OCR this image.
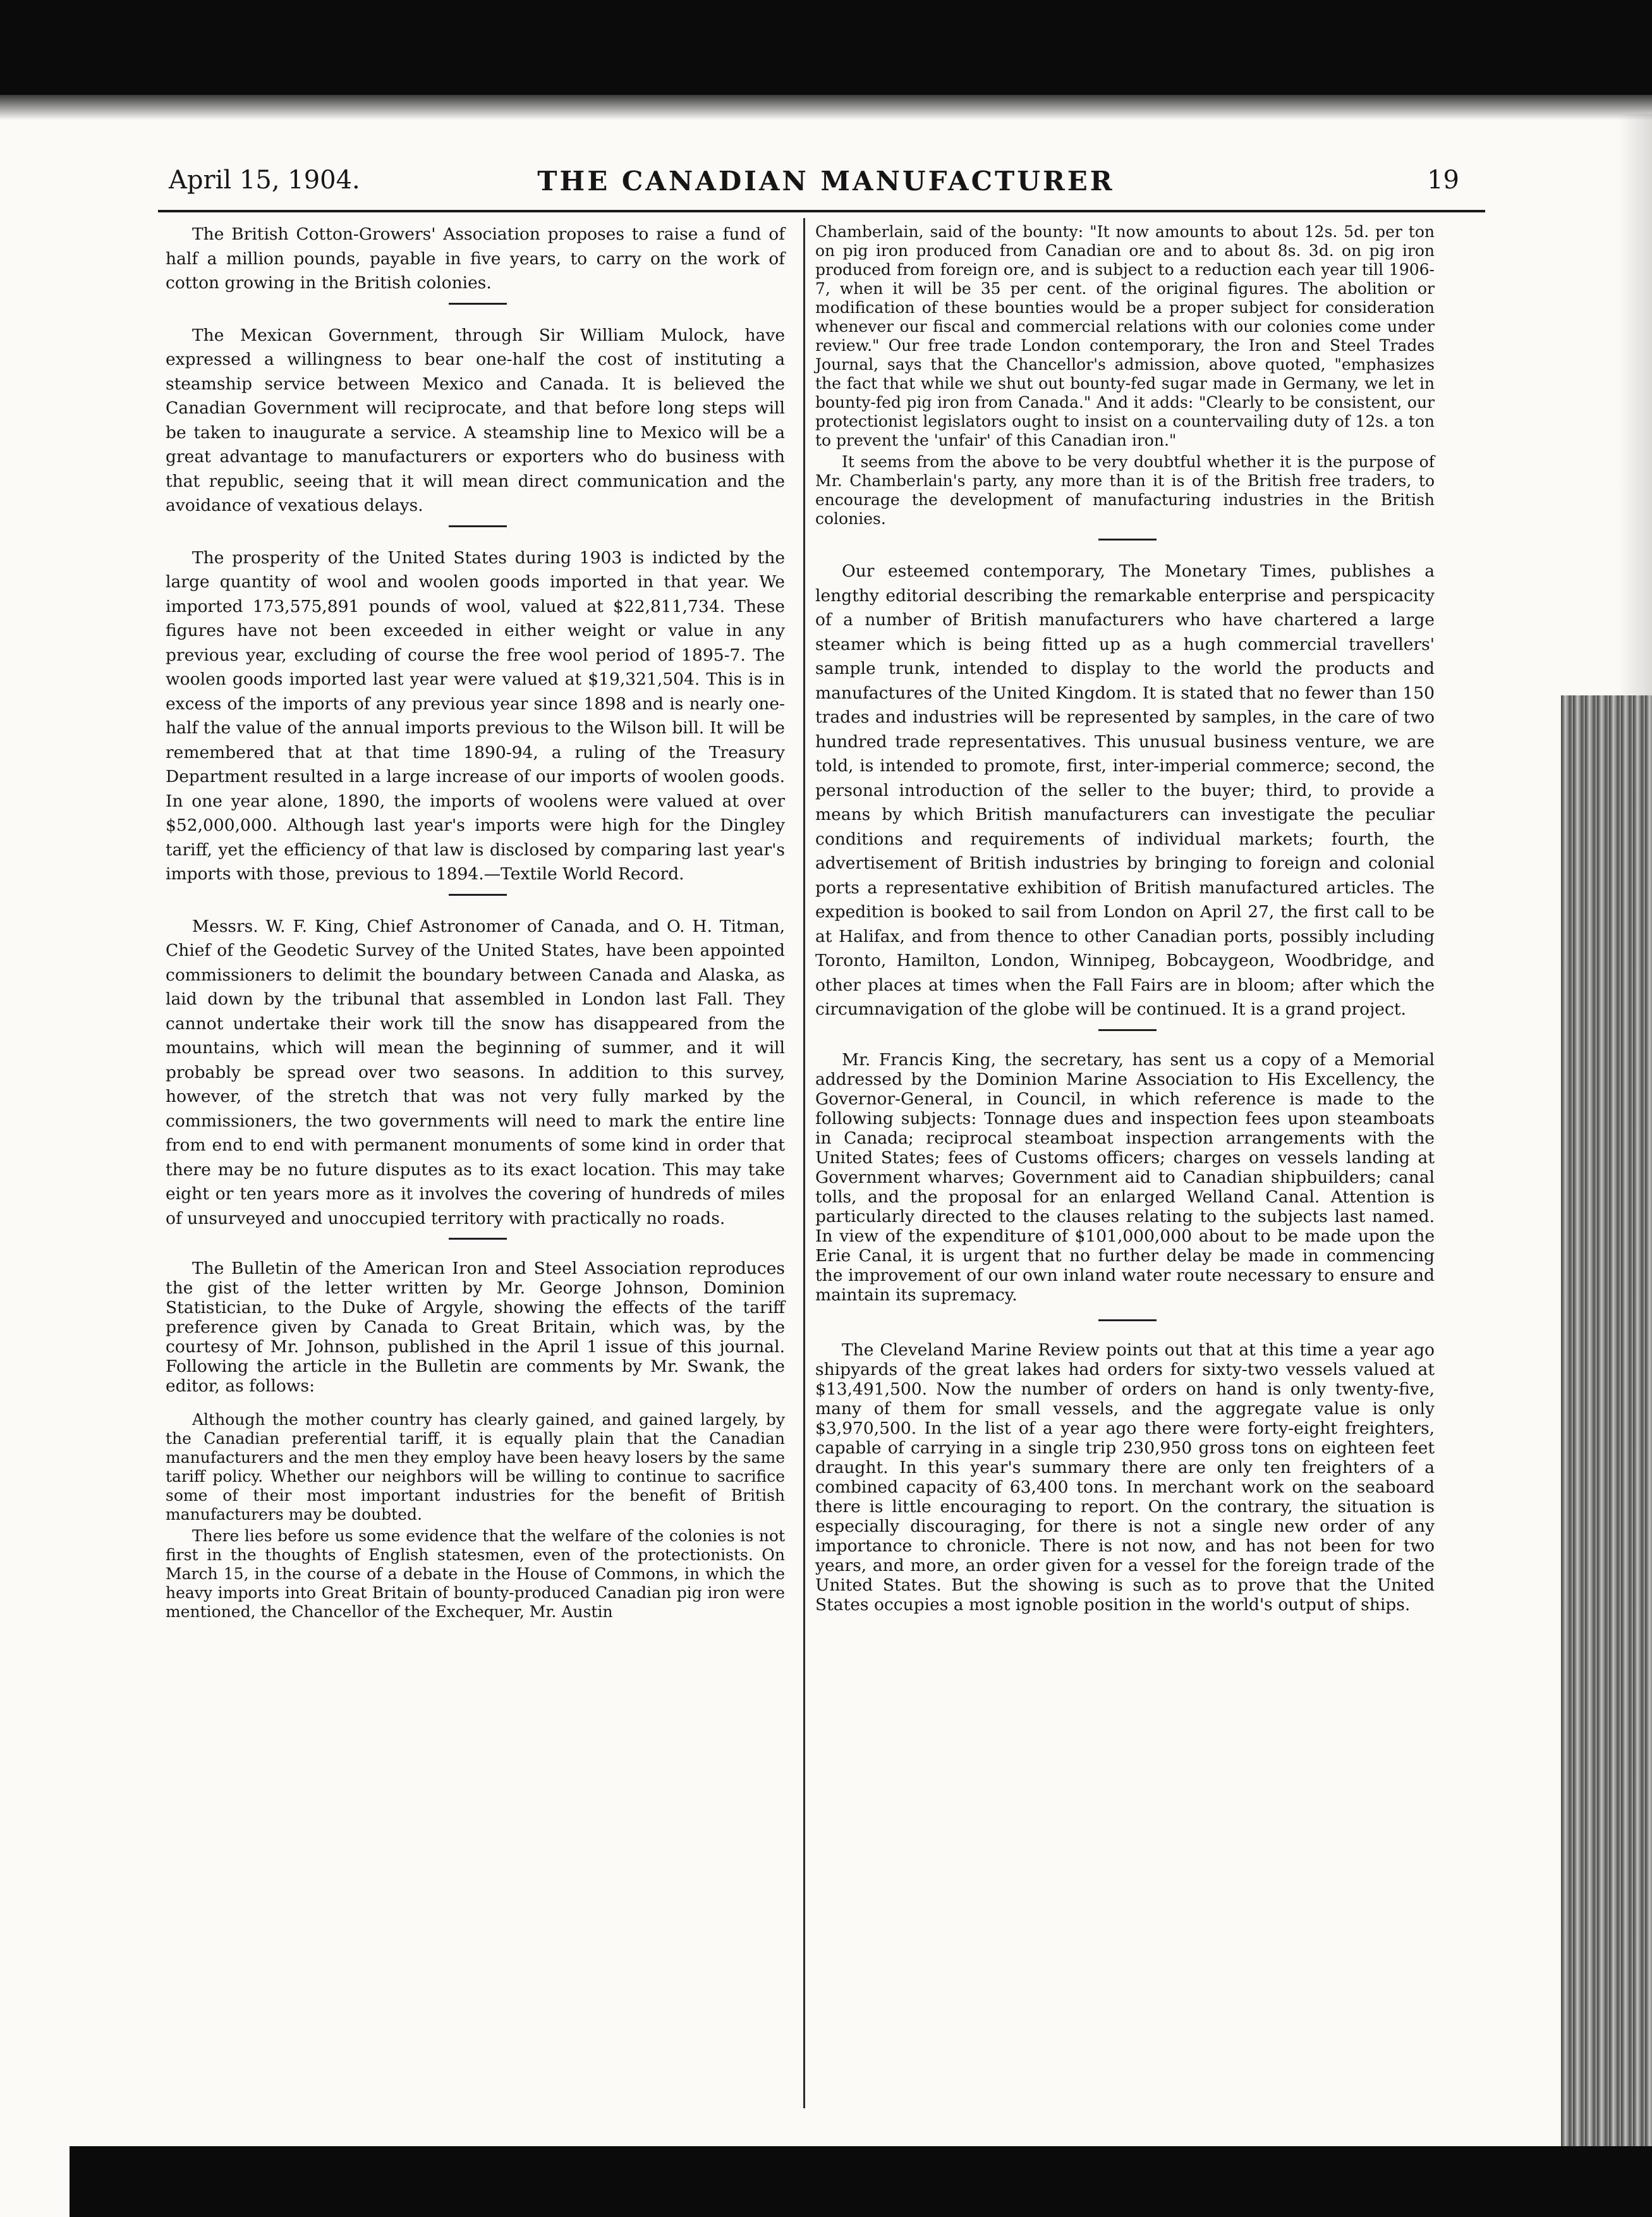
April 15, 1904.	THE CANADIAN MANUFACTURER	19

The British Cotton-Growers' Association proposes to raise a fund of half a million pounds, payable in five years, to carry on the work of cotton growing in the British colonies.

The Mexican Government, through Sir William Mulock, have expressed a willingness to bear one-half the cost of instituting a steamship service between Mexico and Canada. It is believed the Canadian Government will reciprocate, and that before long steps will be taken to inaugurate a service. A steamship line to Mexico will be a great advantage to manufacturers or exporters who do business with that republic, seeing that it will mean direct communication and the avoidance of vexatious delays.

The prosperity of the United States during 1903 is indicted by the large quantity of wool and woolen goods imported in that year. We imported 173,575,891 pounds of wool, valued at $22,811,734. These figures have not been exceeded in either weight or value in any previous year, excluding of course the free wool period of 1895-7. The woolen goods imported last year were valued at $19,321,504. This is in excess of the imports of any previous year since 1898 and is nearly one-half the value of the annual imports previous to the Wilson bill. It will be remembered that at that time 1890-94, a ruling of the Treasury Department resulted in a large increase of our imports of woolen goods. In one year alone, 1890, the imports of woolens were valued at over $52,000,000. Although last year's imports were high for the Dingley tariff, yet the efficiency of that law is disclosed by comparing last year's imports with those, previous to 1894.—Textile World Record.

Messrs. W. F. King, Chief Astronomer of Canada, and O. H. Titman, Chief of the Geodetic Survey of the United States, have been appointed commissioners to delimit the boundary between Canada and Alaska, as laid down by the tribunal that assembled in London last Fall. They cannot undertake their work till the snow has disappeared from the mountains, which will mean the beginning of summer, and it will probably be spread over two seasons. In addition to this survey, however, of the stretch that was not very fully marked by the commissioners, the two governments will need to mark the entire line from end to end with permanent monuments of some kind in order that there may be no future disputes as to its exact location. This may take eight or ten years more as it involves the covering of hundreds of miles of unsurveyed and unoccupied territory with practically no roads.

The Bulletin of the American Iron and Steel Association reproduces the gist of the letter written by Mr. George Johnson, Dominion Statistician, to the Duke of Argyle, showing the effects of the tariff preference given by Canada to Great Britain, which was, by the courtesy of Mr. Johnson, published in the April 1 issue of this journal. Following the article in the Bulletin are comments by Mr. Swank, the editor, as follows:

Although the mother country has clearly gained, and gained largely, by the Canadian preferential tariff, it is equally plain that the Canadian manufacturers and the men they employ have been heavy losers by the same tariff policy. Whether our neighbors will be willing to continue to sacrifice some of their most important industries for the benefit of British manufacturers may be doubted.

There lies before us some evidence that the welfare of the colonies is not first in the thoughts of English statesmen, even of the protectionists. On March 15, in the course of a debate in the House of Commons, in which the heavy imports into Great Britain of bounty-produced Canadian pig iron were mentioned, the Chancellor of the Exchequer, Mr. Austin

Chamberlain, said of the bounty: "It now amounts to about 12s. 5d. per ton on pig iron produced from Canadian ore and to about 8s. 3d. on pig iron produced from foreign ore, and is subject to a reduction each year till 1906-7, when it will be 35 per cent. of the original figures. The abolition or modification of these bounties would be a proper subject for consideration whenever our fiscal and commercial relations with our colonies come under review." Our free trade London contemporary, the Iron and Steel Trades Journal, says that the Chancellor's admission, above quoted, "emphasizes the fact that while we shut out bounty-fed sugar made in Germany, we let in bounty-fed pig iron from Canada." And it adds: "Clearly to be consistent, our protectionist legislators ought to insist on a countervailing duty of 12s. a ton to prevent the 'unfair' of this Canadian iron."

It seems from the above to be very doubtful whether it is the purpose of Mr. Chamberlain's party, any more than it is of the British free traders, to encourage the development of manufacturing industries in the British colonies.

Our esteemed contemporary, The Monetary Times, publishes a lengthy editorial describing the remarkable enterprise and perspicacity of a number of British manufacturers who have chartered a large steamer which is being fitted up as a hugh commercial travellers' sample trunk, intended to display to the world the products and manufactures of the United Kingdom. It is stated that no fewer than 150 trades and industries will be represented by samples, in the care of two hundred trade representatives. This unusual business venture, we are told, is intended to promote, first, inter-imperial commerce; second, the personal introduction of the seller to the buyer; third, to provide a means by which British manufacturers can investigate the peculiar conditions and requirements of individual markets; fourth, the advertisement of British industries by bringing to foreign and colonial ports a representative exhibition of British manufactured articles. The expedition is booked to sail from London on April 27, the first call to be at Halifax, and from thence to other Canadian ports, possibly including Toronto, Hamilton, London, Winnipeg, Bobcaygeon, Woodbridge, and other places at times when the Fall Fairs are in bloom; after which the circumnavigation of the globe will be continued. It is a grand project.

Mr. Francis King, the secretary, has sent us a copy of a Memorial addressed by the Dominion Marine Association to His Excellency, the Governor-General, in Council, in which reference is made to the following subjects: Tonnage dues and inspection fees upon steamboats in Canada; reciprocal steamboat inspection arrangements with the United States; fees of Customs officers; charges on vessels landing at Government wharves; Government aid to Canadian shipbuilders; canal tolls, and the proposal for an enlarged Welland Canal. Attention is particularly directed to the clauses relating to the subjects last named. In view of the expenditure of $101,000,000 about to be made upon the Erie Canal, it is urgent that no further delay be made in commencing the improvement of our own inland water route necessary to ensure and maintain its supremacy.

The Cleveland Marine Review points out that at this time a year ago shipyards of the great lakes had orders for sixty-two vessels valued at $13,491,500. Now the number of orders on hand is only twenty-five, many of them for small vessels, and the aggregate value is only $3,970,500. In the list of a year ago there were forty-eight freighters, capable of carrying in a single trip 230,950 gross tons on eighteen feet draught. In this year's summary there are only ten freighters of a combined capacity of 63,400 tons. In merchant work on the seaboard there is little encouraging to report. On the contrary, the situation is especially discouraging, for there is not a single new order of any importance to chronicle. There is not now, and has not been for two years, and more, an order given for a vessel for the foreign trade of the United States. But the showing is such as to prove that the United States occupies a most ignoble position in the world's output of ships.
